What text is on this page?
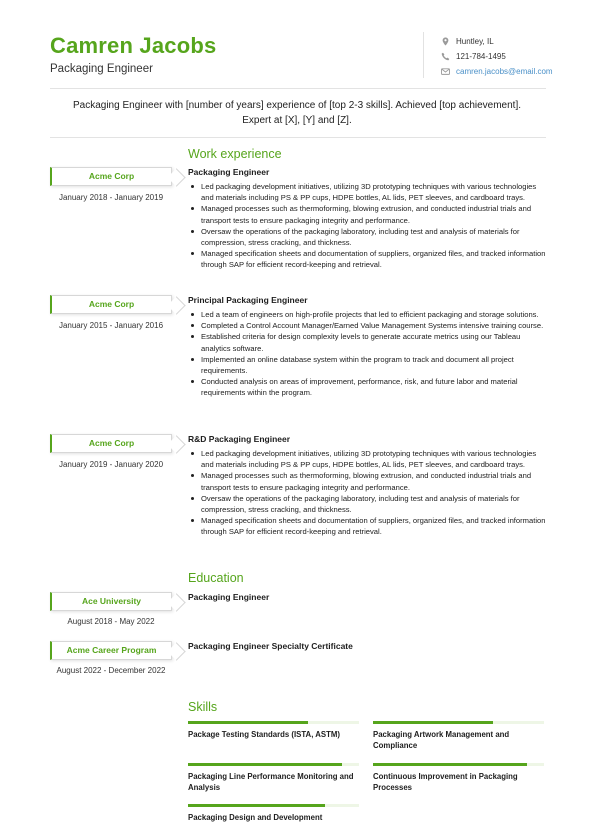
Camren Jacobs
Packaging Engineer
Huntley, IL
121-784-1495
camren.jacobs@email.com
Packaging Engineer with [number of years] experience of [top 2-3 skills]. Achieved [top achievement]. Expert at [X], [Y] and [Z].
Work experience
Acme Corp
January 2018 - January 2019
Packaging Engineer
Led packaging development initiatives, utilizing 3D prototyping techniques with various technologies and materials including PS & PP cups, HDPE bottles, AL lids, PET sleeves, and cardboard trays.
Managed processes such as thermoforming, blowing extrusion, and conducted industrial trials and transport tests to ensure packaging integrity and performance.
Oversaw the operations of the packaging laboratory, including test and analysis of materials for compression, stress cracking, and thickness.
Managed specification sheets and documentation of suppliers, organized files, and tracked information through SAP for efficient record-keeping and retrieval.
Acme Corp
January 2015 - January 2016
Principal Packaging Engineer
Led a team of engineers on high-profile projects that led to efficient packaging and storage solutions.
Completed a Control Account Manager/Earned Value Management Systems intensive training course.
Established criteria for design complexity levels to generate accurate metrics using our Tableau analytics software.
Implemented an online database system within the program to track and document all project requirements.
Conducted analysis on areas of improvement, performance, risk, and future labor and material requirements within the program.
Acme Corp
January 2019 - January 2020
R&D Packaging Engineer
Led packaging development initiatives, utilizing 3D prototyping techniques with various technologies and materials including PS & PP cups, HDPE bottles, AL lids, PET sleeves, and cardboard trays.
Managed processes such as thermoforming, blowing extrusion, and conducted industrial trials and transport tests to ensure packaging integrity and performance.
Oversaw the operations of the packaging laboratory, including test and analysis of materials for compression, stress cracking, and thickness.
Managed specification sheets and documentation of suppliers, organized files, and tracked information through SAP for efficient record-keeping and retrieval.
Education
Ace University
August 2018 - May 2022
Packaging Engineer
Acme Career Program
August 2022 - December 2022
Packaging Engineer Specialty Certificate
Skills
Package Testing Standards (ISTA, ASTM)	Packaging Artwork Management and Compliance
Packaging Line Performance Monitoring and Analysis
Continuous Improvement in Packaging Processes
Packaging Design and Development
